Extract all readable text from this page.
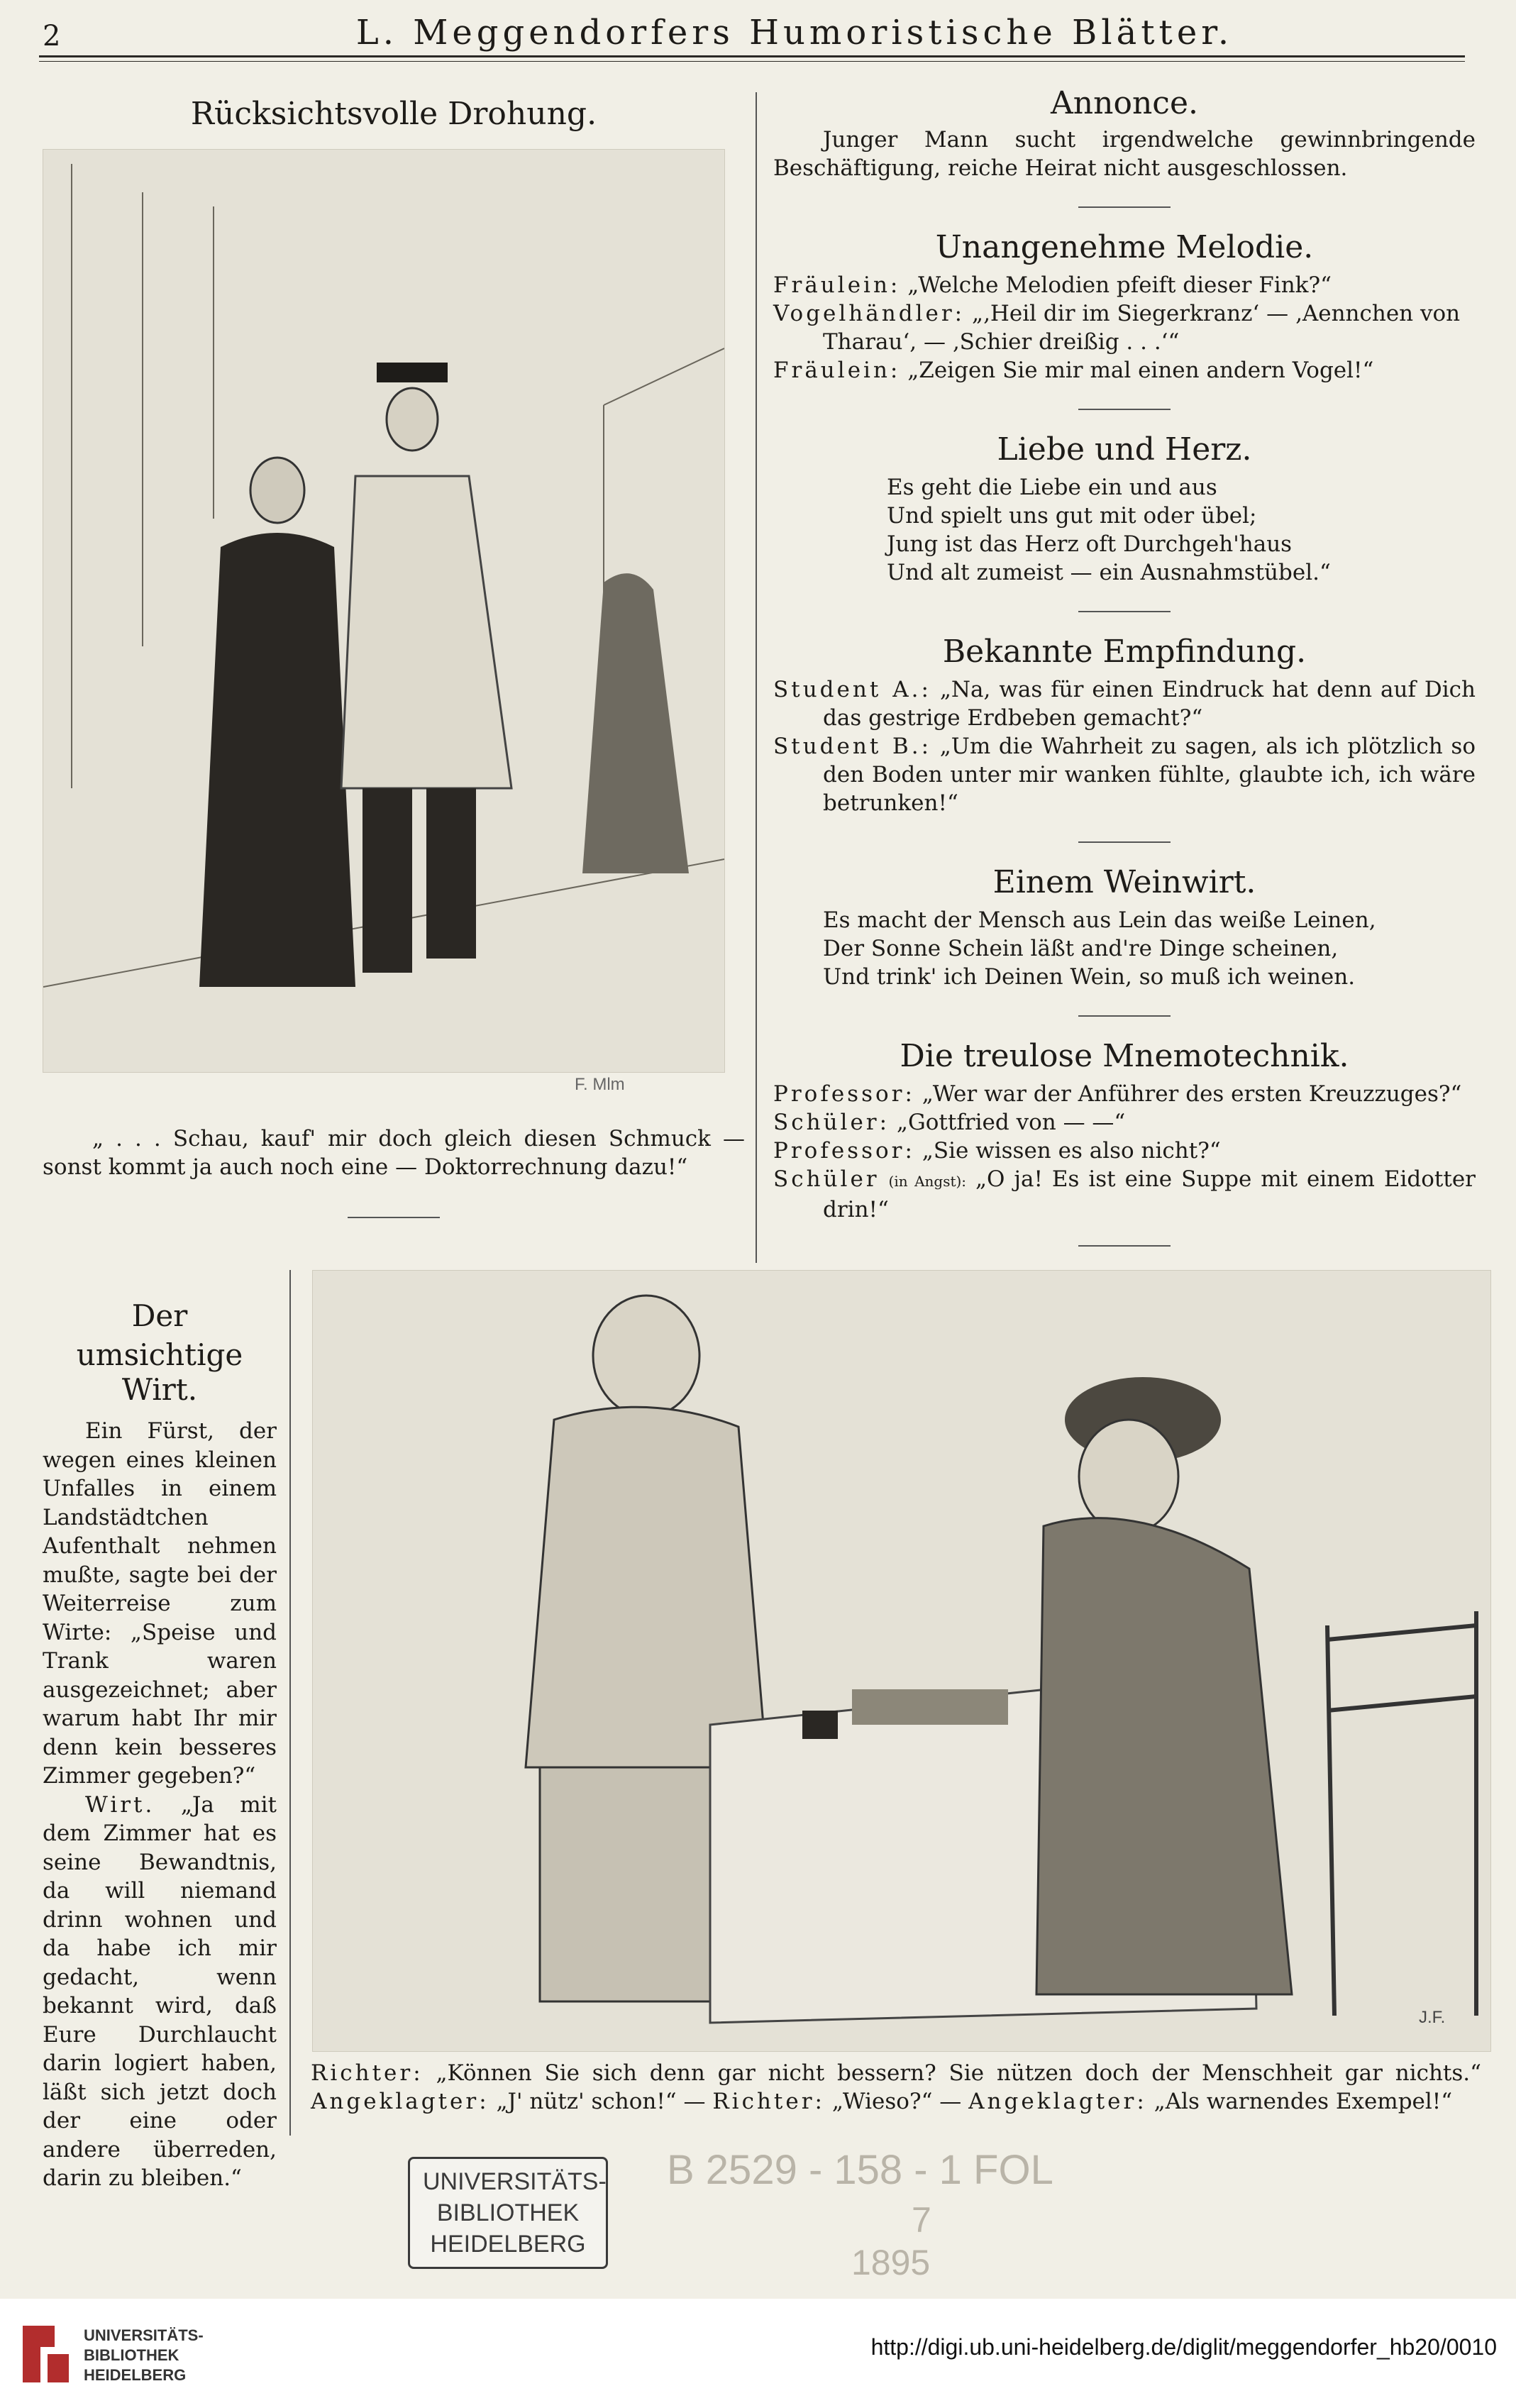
2	L. Meggendorfers Humoristische Blätter.
Rücksichtsvolle Drohung.
F. Mlm
„ . . . Schau, kauf' mir doch gleich diesen Schmuck — sonst kommt ja auch noch eine — Doktorrechnung dazu!“
Annonce.

Junger Mann sucht irgendwelche gewinnbringende Beschäftigung, reiche Heirat nicht ausgeschlossen.

Unangenehme Melodie.

Fräulein: „Welche Melodien pfeift dieser Fink?“

Vogelhändler: „‚Heil dir im Siegerkranz‘ — ‚Aennchen von Tharau‘, — ‚Schier dreißig . . .‘“

Fräulein: „Zeigen Sie mir mal einen andern Vogel!“

Liebe und Herz.

Es geht die Liebe ein und aus

Und spielt uns gut mit oder übel;

Jung ist das Herz oft Durchgeh'haus

Und alt zumeist — ein Ausnahmstübel.“

Bekannte Empfindung.

Student A.: „Na, was für einen Eindruck hat denn auf Dich das gestrige Erdbeben gemacht?“

Student B.: „Um die Wahrheit zu sagen, als ich plötzlich so den Boden unter mir wanken fühlte, glaubte ich, ich wäre betrunken!“

Einem Weinwirt.

Es macht der Mensch aus Lein das weiße Leinen,

Der Sonne Schein läßt and're Dinge scheinen,

Und trink' ich Deinen Wein, so muß ich weinen.

Die treulose Mnemotechnik.

Professor: „Wer war der Anführer des ersten Kreuzzuges?“

Schüler: „Gottfried von — —“

Professor: „Sie wissen es also nicht?“

Schüler (in Angst): „O ja! Es ist eine Suppe mit einem Eidotter drin!“

Der
umsichtige Wirt.

Ein Fürst, der wegen eines kleinen Unfalles in einem Landstädtchen Aufenthalt nehmen mußte, sagte bei der Weiterreise zum Wirte: „Speise und Trank waren ausgezeichnet; aber warum habt Ihr mir denn kein besseres Zimmer gegeben?“

Wirt. „Ja mit dem Zimmer hat es seine Bewandtnis, da will niemand drinn wohnen und da habe ich mir gedacht, wenn bekannt wird, daß Eure Durchlaucht darin logiert haben, läßt sich jetzt doch der eine oder andere überreden, darin zu bleiben.“

J.F.
Richter: „Können Sie sich denn gar nicht bessern? Sie nützen doch der Menschheit gar nichts.“ Angeklagter: „J' nütz' schon!“ — Richter: „Wieso?“ — Angeklagter: „Als warnendes Exempel!“
UNIVERSITÄTS-
BIBLIOTHEK
HEIDELBERG
B 2529 - 158 - 1 FOL
7
1895
UNIVERSITÄTS-
BIBLIOTHEK
HEIDELBERG
http://digi.ub.uni-heidelberg.de/diglit/meggendorfer_hb20/0010
